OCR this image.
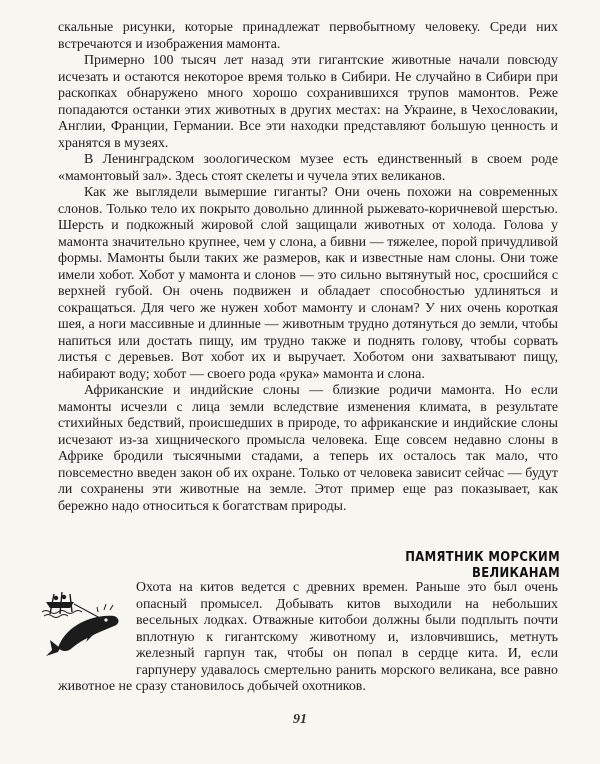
скальные рисунки, которые принадлежат первобытному человеку. Среди них встречаются и изображения мамонта.

Примерно 100 тысяч лет назад эти гигантские животные начали повсюду исчезать и остаются некоторое время только в Сибири. Не случайно в Сибири при раскопках обнаружено много хорошо сохранившихся трупов мамонтов. Реже попадаются останки этих животных в других местах: на Украине, в Чехословакии, Англии, Франции, Германии. Все эти находки представляют большую ценность и хранятся в музеях.

В Ленинградском зоологическом музее есть единственный в своем роде «мамонтовый зал». Здесь стоят скелеты и чучела этих великанов.

Как же выглядели вымершие гиганты? Они очень похожи на современных слонов. Только тело их покрыто довольно длинной рыжевато-коричневой шерстью. Шерсть и подкожный жировой слой защищали животных от холода. Голова у мамонта значительно крупнее, чем у слона, а бивни — тяжелее, порой причудливой формы. Мамонты были таких же размеров, как и известные нам слоны. Они тоже имели хобот. Хобот у мамонта и слонов — это сильно вытянутый нос, сросшийся с верхней губой. Он очень подвижен и обладает способностью удлиняться и сокращаться. Для чего же нужен хобот мамонту и слонам? У них очень короткая шея, а ноги массивные и длинные — животным трудно дотянуться до земли, чтобы напиться или достать пищу, им трудно также и поднять голову, чтобы сорвать листья с деревьев. Вот хобот их и выручает. Хоботом они захватывают пищу, набирают воду; хобот — своего рода «рука» мамонта и слона.

Африканские и индийские слоны — близкие родичи мамонта. Но если мамонты исчезли с лица земли вследствие изменения климата, в результате стихийных бедствий, происшедших в природе, то африканские и индийские слоны исчезают из-за хищнического промысла человека. Еще совсем недавно слоны в Африке бродили тысячными стадами, а теперь их осталось так мало, что повсеместно введен закон об их охране. Только от человека зависит сейчас — будут ли сохранены эти животные на земле. Этот пример еще раз показывает, как бережно надо относиться к богатствам природы.

ПАМЯТНИК МОРСКИМ ВЕЛИКАНАМ

Охота на китов ведется с древних времен. Раньше это был очень опасный промысел. Добывать китов выходили на небольших весельных лодках. Отважные китобои должны были подплыть почти вплотную к гигантскому животному и, изловчившись, метнуть железный гарпун так, чтобы он попал в сердце кита. И, если гарпунеру удавалось смертельно ранить морского великана, все равно животное не сразу становилось добычей охотников.

91
